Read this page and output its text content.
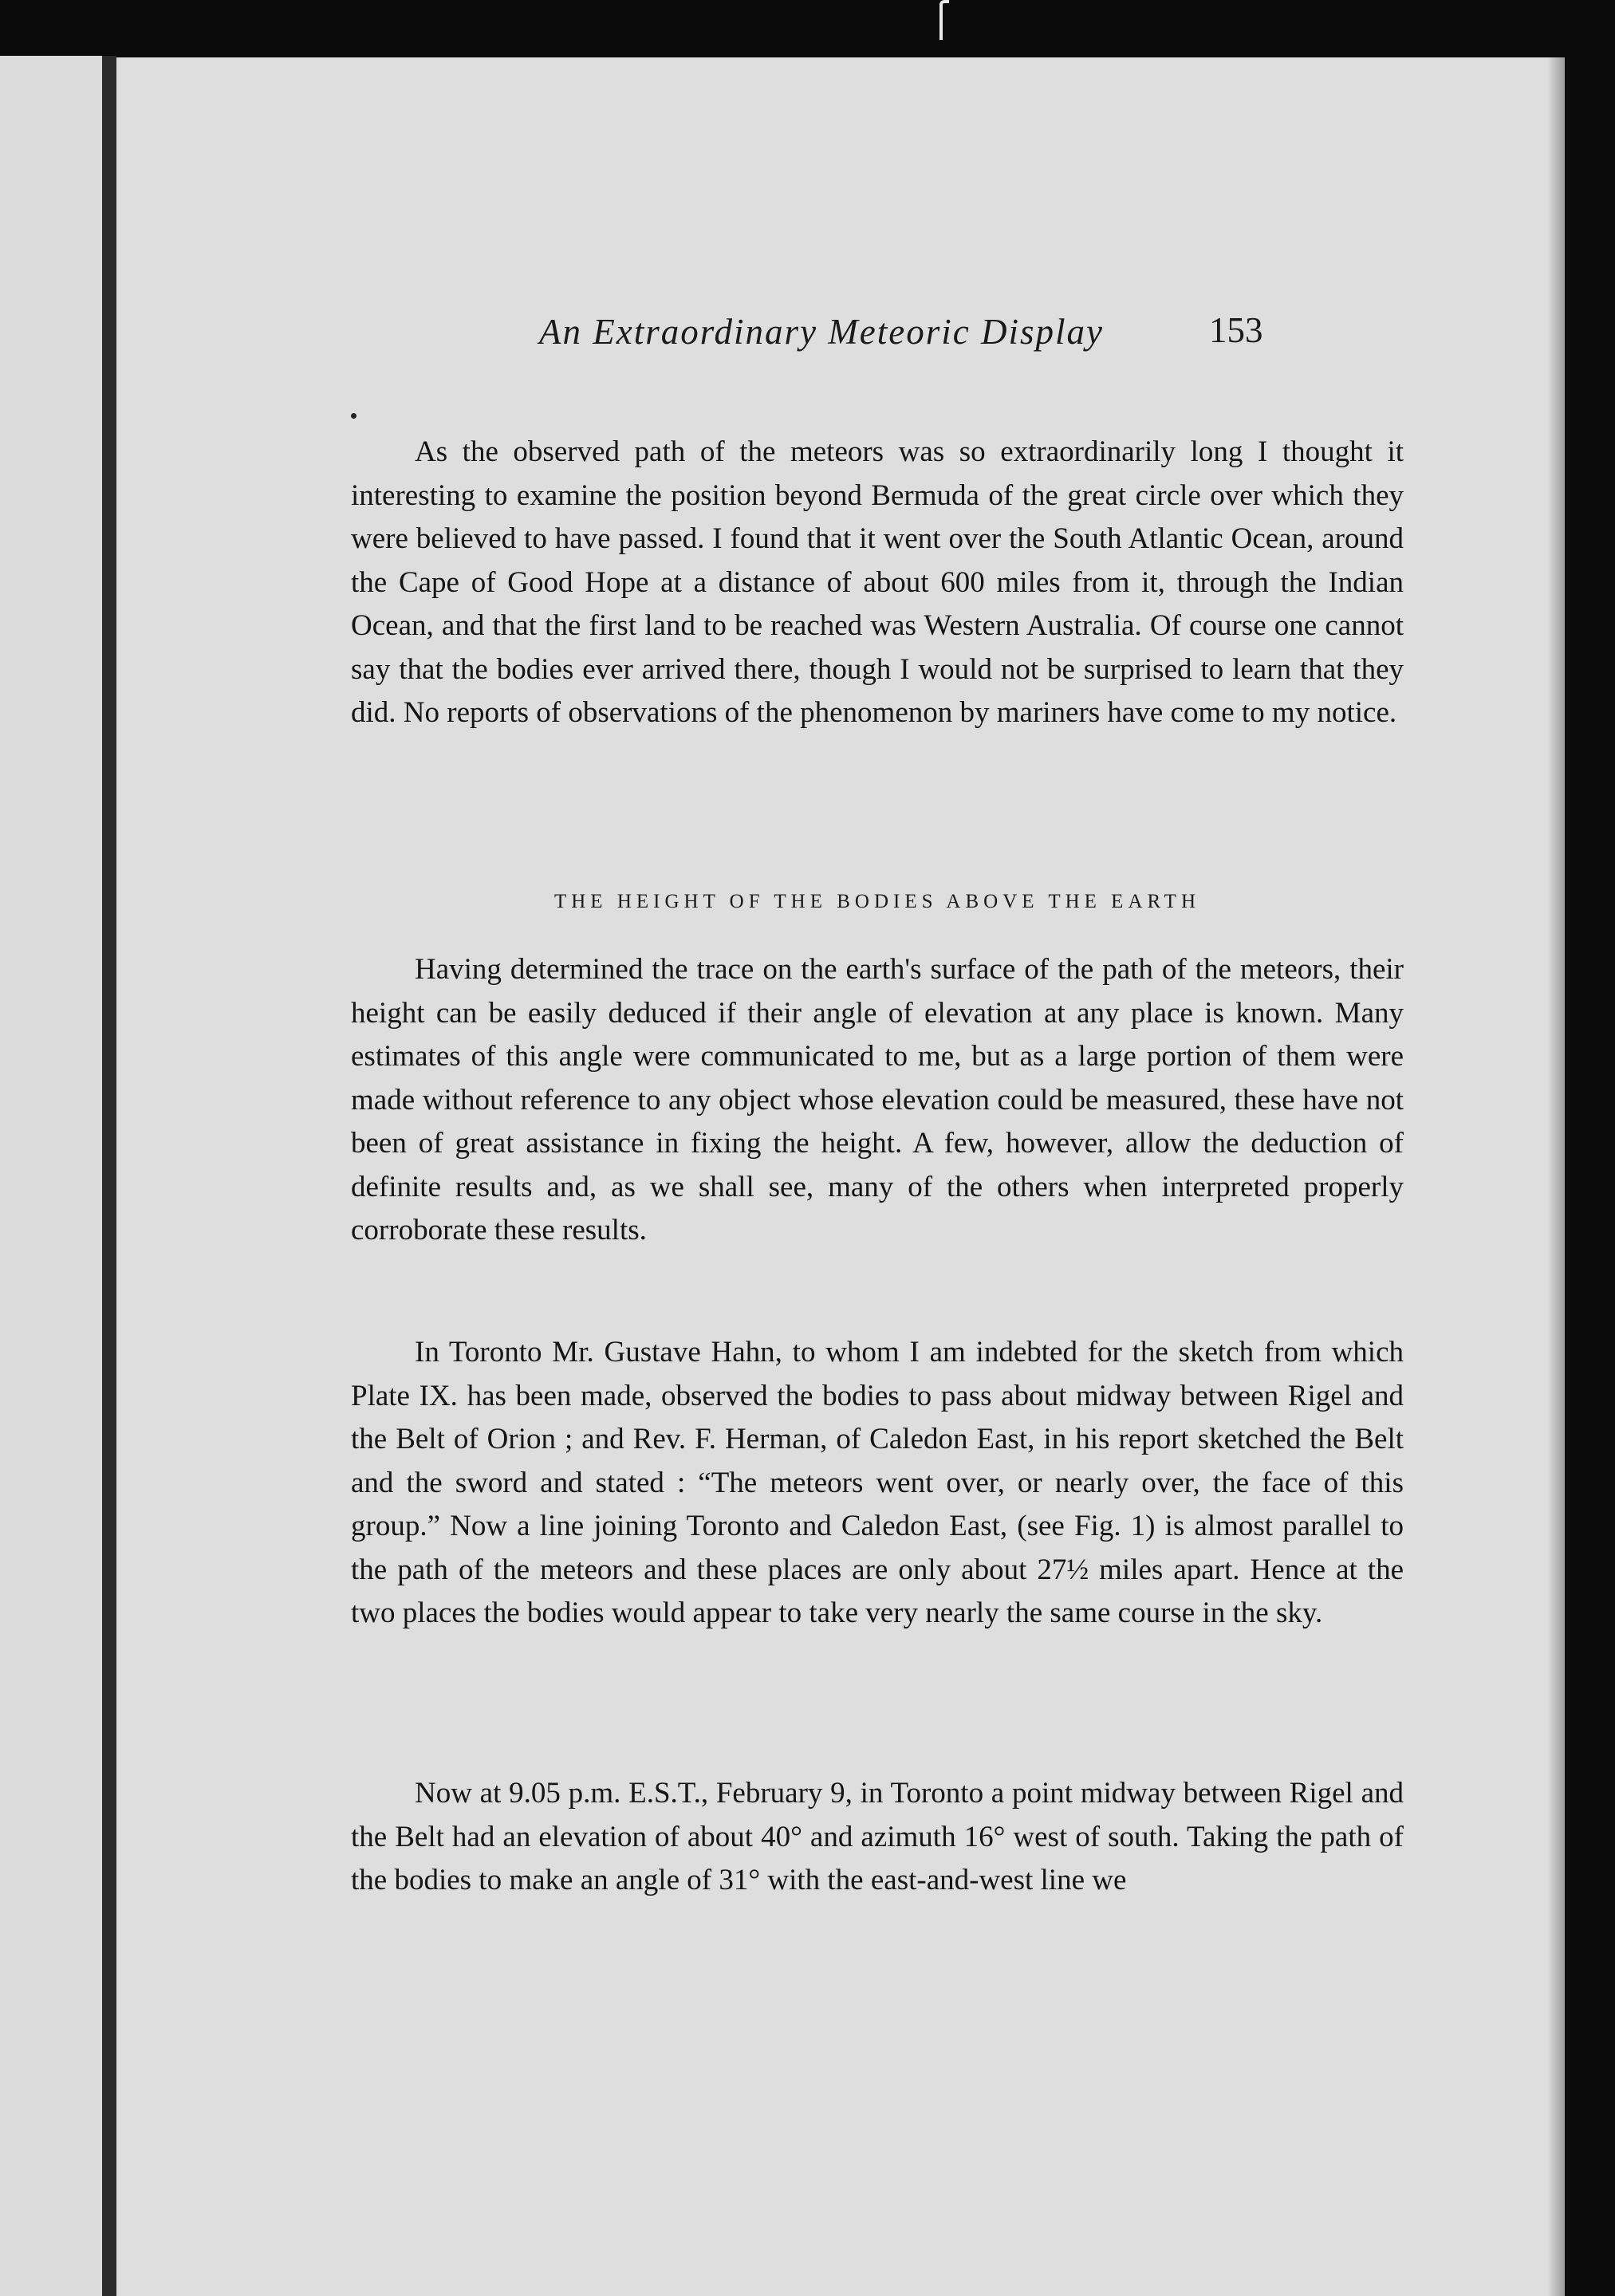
An Extraordinary Meteoric Display	153

As the observed path of the meteors was so extraordinarily long I thought it interesting to examine the position beyond Bermuda of the great circle over which they were believed to have passed. I found that it went over the South Atlantic Ocean, around the Cape of Good Hope at a distance of about 600 miles from it, through the Indian Ocean, and that the first land to be reached was Western Australia. Of course one cannot say that the bodies ever arrived there, though I would not be surprised to learn that they did. No reports of observations of the phenomenon by mariners have come to my notice.

THE HEIGHT OF THE BODIES ABOVE THE EARTH

Having determined the trace on the earth's surface of the path of the meteors, their height can be easily deduced if their angle of elevation at any place is known. Many estimates of this angle were communicated to me, but as a large portion of them were made without reference to any object whose elevation could be measured, these have not been of great assistance in fixing the height. A few, however, allow the deduction of definite results and, as we shall see, many of the others when interpreted properly corroborate these results.

In Toronto Mr. Gustave Hahn, to whom I am indebted for the sketch from which Plate IX. has been made, observed the bodies to pass about midway between Rigel and the Belt of Orion ; and Rev. F. Herman, of Caledon East, in his report sketched the Belt and the sword and stated : “The meteors went over, or nearly over, the face of this group.” Now a line joining Toronto and Caledon East, (see Fig. 1) is almost parallel to the path of the meteors and these places are only about 27½ miles apart. Hence at the two places the bodies would appear to take very nearly the same course in the sky.

Now at 9.05 p.m. E.S.T., February 9, in Toronto a point midway between Rigel and the Belt had an elevation of about 40° and azimuth 16° west of south. Taking the path of the bodies to make an angle of 31° with the east-and-west line we
